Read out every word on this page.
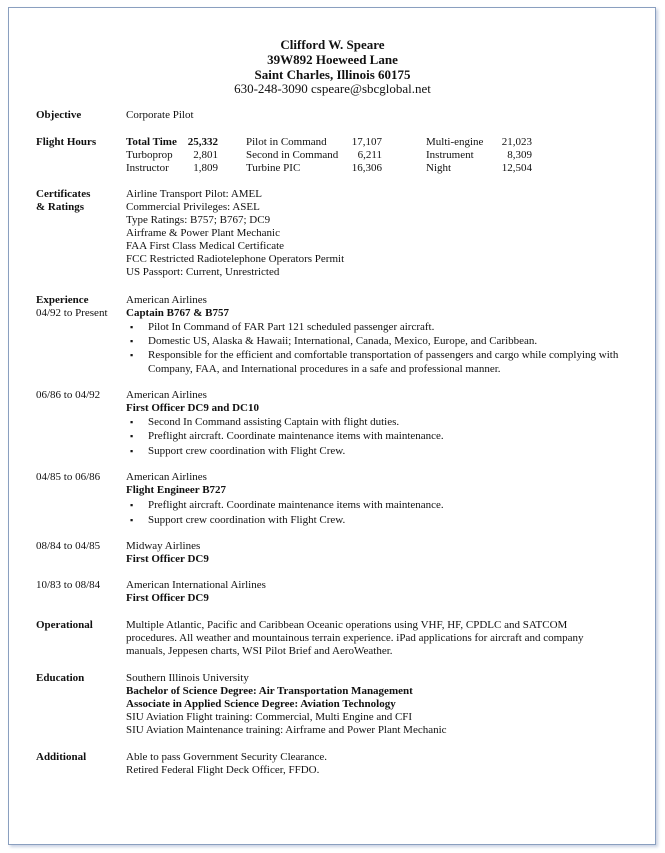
Clifford W. Speare
39W892 Hoeweed Lane
Saint Charles, Illinois 60175
630-248-3090 cspeare@sbcglobal.net
Objective	Corporate Pilot
Flight Hours	Total Time 25,332	Pilot in Command	17,107	Multi-engine	21,023
Turboprop	2,801	Second in Command	6,211	Instrument	8,309
Instructor	1,809	Turbine PIC	16,306	Night	12,504
Certificates
& Ratings
Airline Transport Pilot: AMEL
Commercial Privileges: ASEL
Type Ratings: B757; B767; DC9
Airframe & Power Plant Mechanic
FAA First Class Medical Certificate
FCC Restricted Radiotelephone Operators Permit
US Passport: Current, Unrestricted
Experience
04/92 to Present
American Airlines
Captain B767 & B757
▪ Pilot In Command of FAR Part 121 scheduled passenger aircraft.
▪ Domestic US, Alaska & Hawaii; International, Canada, Mexico, Europe, and Caribbean.
▪ Responsible for the efficient and comfortable transportation of passengers and cargo while complying with Company, FAA, and International procedures in a safe and professional manner.
06/86 to 04/92 American Airlines
First Officer DC9 and DC10
▪ Second In Command assisting Captain with flight duties.
▪ Preflight aircraft. Coordinate maintenance items with maintenance.
▪ Support crew coordination with Flight Crew.
04/85 to 06/86 American Airlines
Flight Engineer B727
▪ Preflight aircraft. Coordinate maintenance items with maintenance.
▪ Support crew coordination with Flight Crew.
08/84 to 04/85 Midway Airlines
First Officer DC9
10/83 to 08/84 American International Airlines
First Officer DC9
Operational	Multiple Atlantic, Pacific and Caribbean Oceanic operations using VHF, HF, CPDLC and SATCOM
procedures. All weather and mountainous terrain experience. iPad applications for aircraft and company
manuals, Jeppesen charts, WSI Pilot Brief and AeroWeather.
Education	Southern Illinois University
Bachelor of Science Degree: Air Transportation Management
Associate in Applied Science Degree: Aviation Technology
SIU Aviation Flight training: Commercial, Multi Engine and CFI
SIU Aviation Maintenance training: Airframe and Power Plant Mechanic
Additional	Able to pass Government Security Clearance.
Retired Federal Flight Deck Officer, FFDO.
